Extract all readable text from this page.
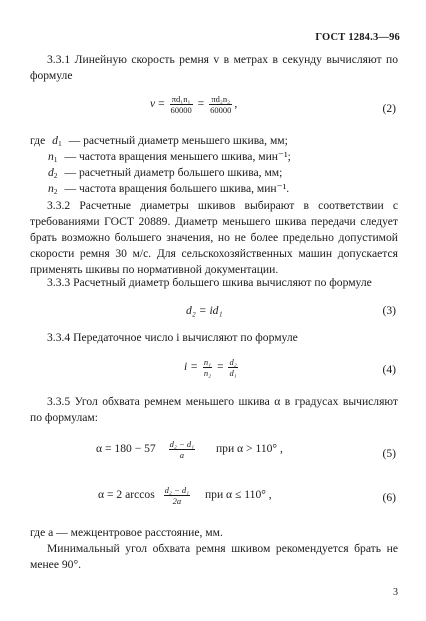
ГОСТ 1284.3—96
3.3.1 Линейную скорость ремня v в метрах в секунду вычисляют по формуле
$v = \frac{\text{πd₁n₁}}{60000} = \frac{\text{πd₂n₂}}{60000}$ ,	(2)
где $d_1$ — расчетный диаметр меньшего шкива, мм;
$n_1$ — частота вращения меньшего шкива, мин⁻¹;
$d_2$ — расчетный диаметр большего шкива, мм;
$n_2$ — частота вращения большего шкива, мин⁻¹.
3.3.2 Расчетные диаметры шкивов выбирают в соответствии с требованиями ГОСТ 20889. Диаметр меньшего шкива передачи следует брать возможно большего значения, но не более предельно допустимой скорости ремня 30 м/с. Для сельскохозяйственных машин допускается применять шкивы по нормативной документации.
3.3.3 Расчетный диаметр большего шкива вычисляют по формуле
d₂ = id₁	(3)
3.3.4 Передаточное число i вычисляют по формуле
$i = \frac{\text{n₁}}{\text{n₂}} = \frac{\text{d₂}}{\text{d₁}}$	(4)
3.3.5 Угол обхвата ремнем меньшего шкива α в градусах вычисляют по формулам:
$\alpha = 180 - 57 \frac{\text{d₂ − d₁}}{a}$ при α > 110° ,	(5)
α = 2 $\arccos \frac{\text{d₂ − d₁}}{2a}$ при α ≤ 110° ,	(6)
где a — межцентровое расстояние, мм.
Минимальный угол обхвата ремня шкивом рекомендуется брать не менее 90°.
3
